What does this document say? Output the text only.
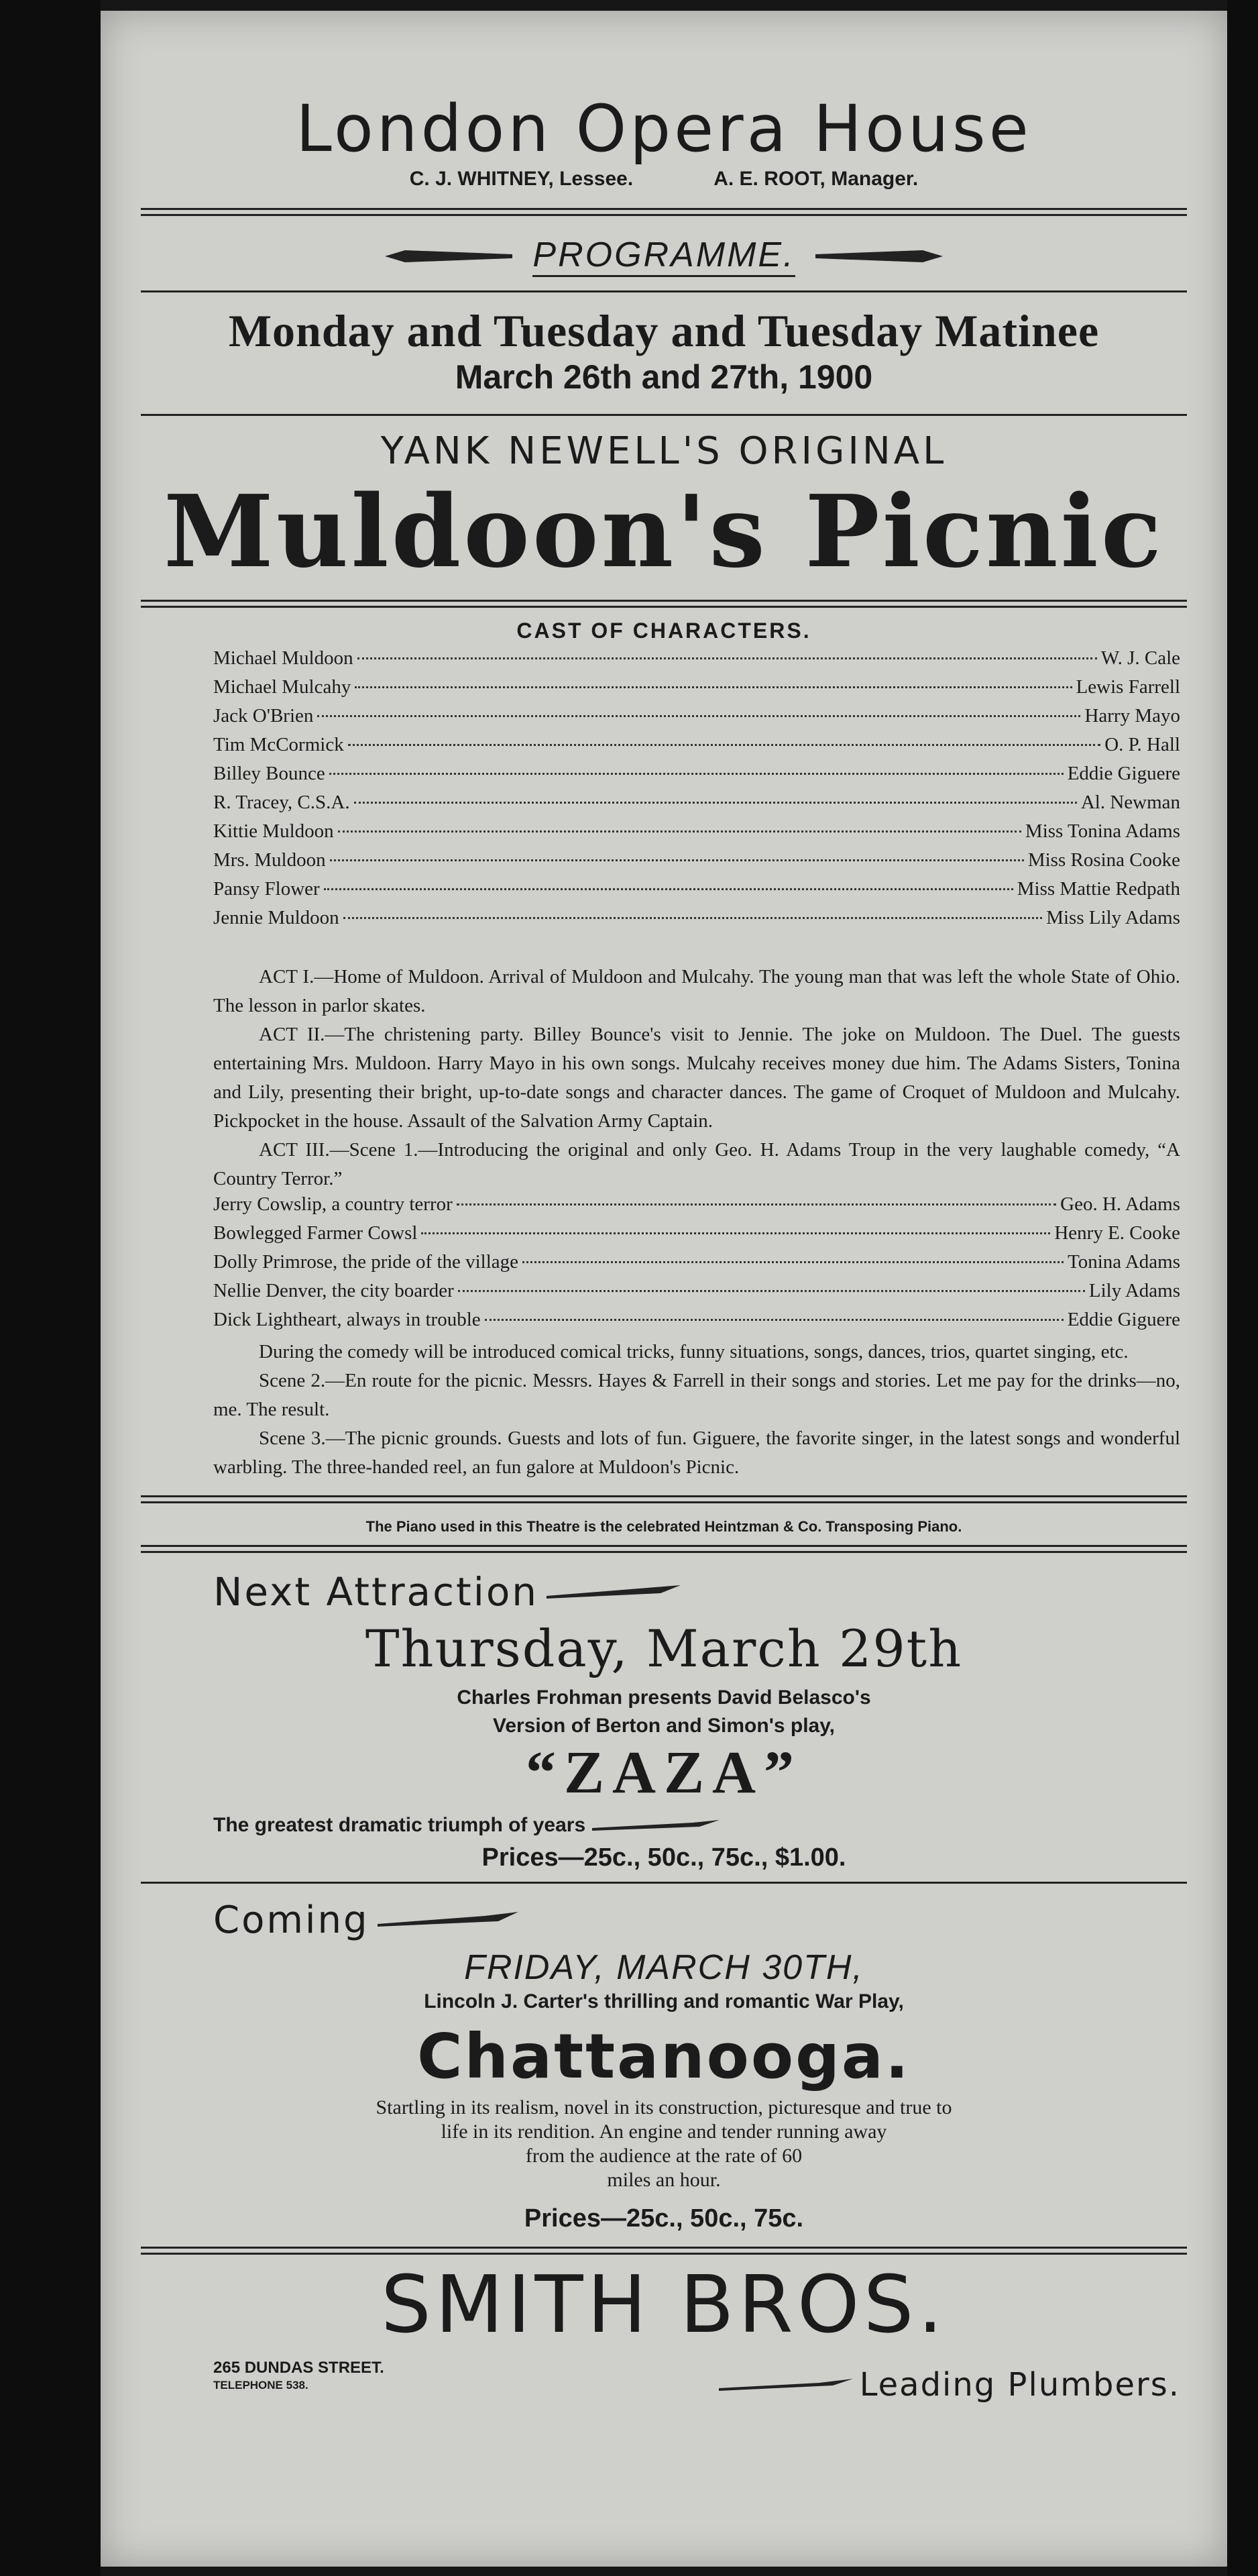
London Opera House
C. J. WHITNEY, Lessee.	A. E. ROOT, Manager.
PROGRAMME.
Monday and Tuesday and Tuesday Matinee
March 26th and 27th, 1900
YANK NEWELL'S ORIGINAL
Muldoon's Picnic
CAST OF CHARACTERS.
Michael Muldoon	W. J. Cale
Michael Mulcahy	Lewis Farrell
Jack O'Brien	Harry Mayo
Tim McCormick	O. P. Hall
Billey Bounce	Eddie Giguere
R. Tracey, C.S.A.	Al. Newman
Kittie Muldoon	Miss Tonina Adams
Mrs. Muldoon	Miss Rosina Cooke
Pansy Flower	Miss Mattie Redpath
Jennie Muldoon	Miss Lily Adams

ACT I.—Home of Muldoon. Arrival of Muldoon and Mulcahy. The young man that was left the whole State of Ohio. The lesson in parlor skates.

ACT II.—The christening party. Billey Bounce's visit to Jennie. The joke on Muldoon. The Duel. The guests entertaining Mrs. Muldoon. Harry Mayo in his own songs. Mulcahy receives money due him. The Adams Sisters, Tonina and Lily, presenting their bright, up-to-date songs and character dances. The game of Croquet of Muldoon and Mulcahy. Pickpocket in the house. Assault of the Salvation Army Captain.

ACT III.—Scene 1.—Introducing the original and only Geo. H. Adams Troup in the very laughable comedy, “A Country Terror.”

Jerry Cowslip, a country terror	Geo. H. Adams
Bowlegged Farmer Cowsl	Henry E. Cooke
Dolly Primrose, the pride of the village	Tonina Adams
Nellie Denver, the city boarder	Lily Adams
Dick Lightheart, always in trouble	Eddie Giguere

During the comedy will be introduced comical tricks, funny situations, songs, dances, trios, quartet singing, etc.

Scene 2.—En route for the picnic. Messrs. Hayes & Farrell in their songs and stories. Let me pay for the drinks—no, me. The result.

Scene 3.—The picnic grounds. Guests and lots of fun. Giguere, the favorite singer, in the latest songs and wonderful warbling. The three-handed reel, an fun galore at Muldoon's Picnic.

The Piano used in this Theatre is the celebrated Heintzman & Co. Transposing Piano.
Next Attraction
Thursday, March 29th
Charles Frohman presents David Belasco's
Version of Berton and Simon's play,
“ZAZA”
The greatest dramatic triumph of years
Prices—25c., 50c., 75c., $1.00.
Coming
FRIDAY, MARCH 30TH,
Lincoln J. Carter's thrilling and romantic War Play,
Chattanooga.
Startling in its realism, novel in its construction, picturesque and true to
life in its rendition. An engine and tender running away
from the audience at the rate of 60
miles an hour.
Prices—25c., 50c., 75c.
SMITH BROS.
265 DUNDAS STREET.
TELEPHONE 538.	Leading Plumbers.
